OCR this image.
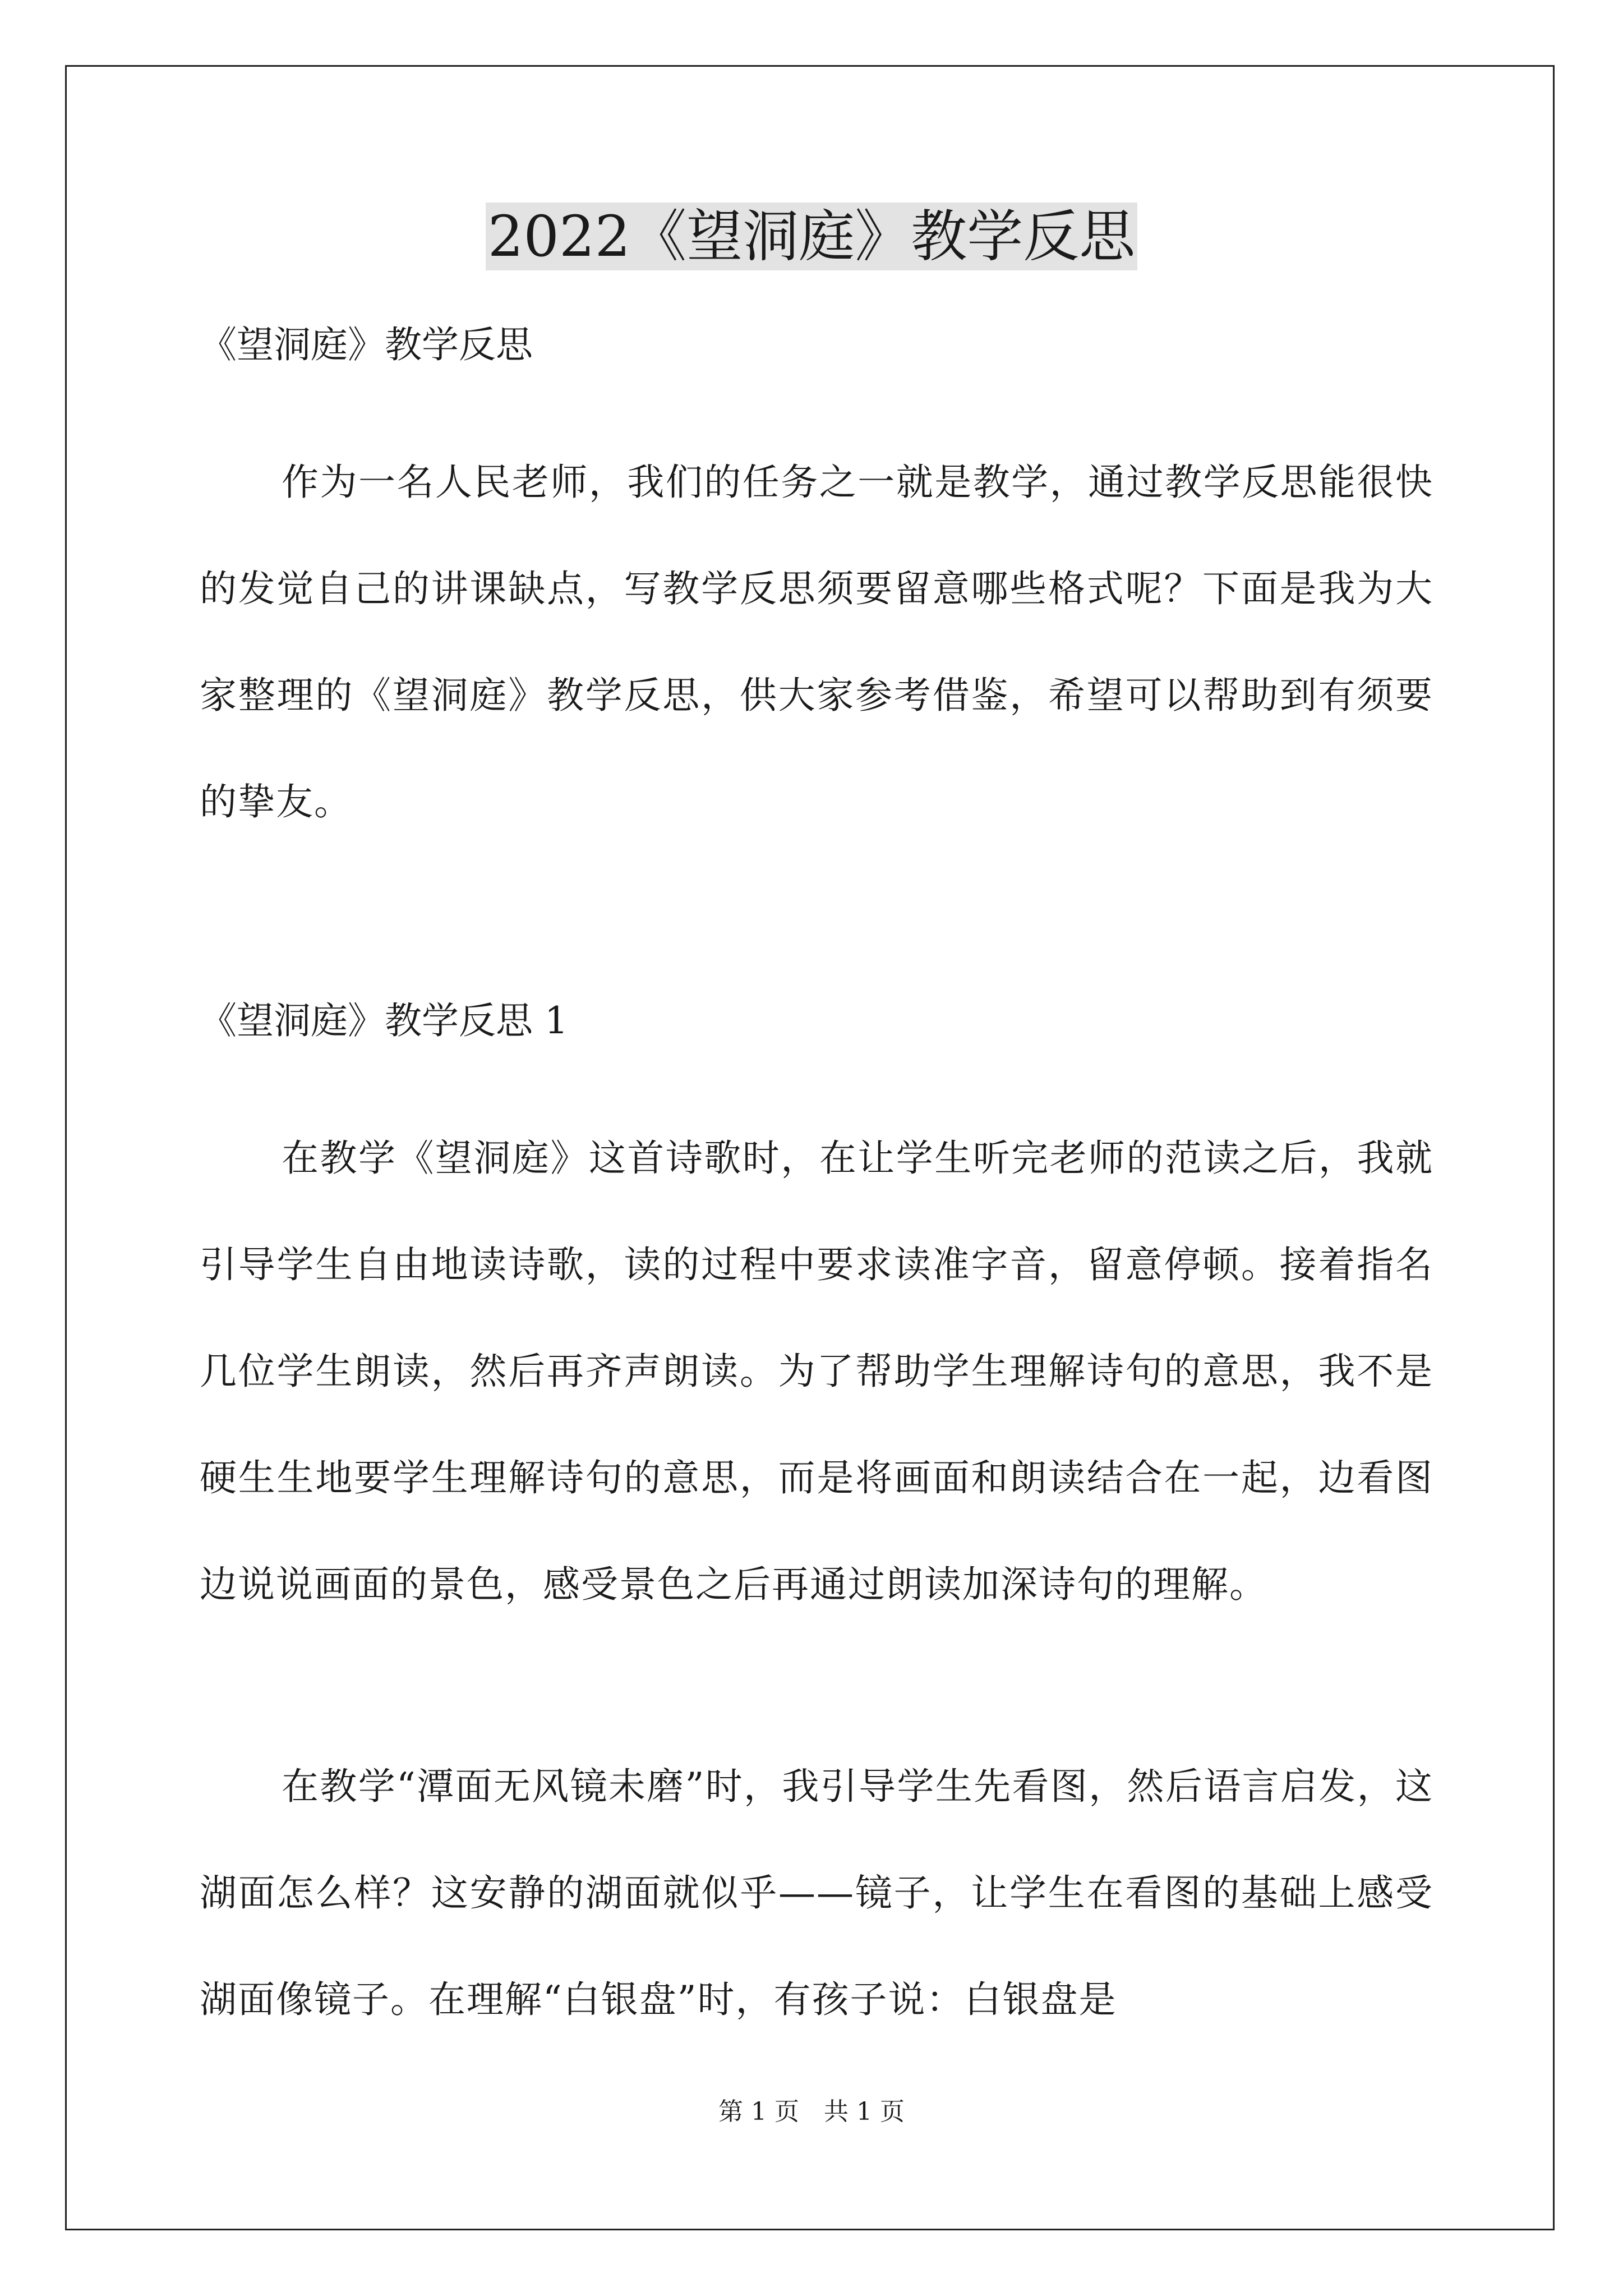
2022《望洞庭》教学反思

《望洞庭》教学反思

作为一名人民老师，我们的任务之一就是教学，通过教学反思能很快的发觉自己的讲课缺点，写教学反思须要留意哪些格式呢？下面是我为大家整理的《望洞庭》教学反思，供大家参考借鉴，希望可以帮助到有须要的挚友。

《望洞庭》教学反思 1

在教学《望洞庭》这首诗歌时，在让学生听完老师的范读之后，我就引导学生自由地读诗歌，读的过程中要求读准字音，留意停顿。接着指名几位学生朗读，然后再齐声朗读。为了帮助学生理解诗句的意思，我不是硬生生地要学生理解诗句的意思，而是将画面和朗读结合在一起，边看图边说说画面的景色，感受景色之后再通过朗读加深诗句的理解。

在教学“潭面无风镜未磨”时，我引导学生先看图，然后语言启发，这湖面怎么样？这安静的湖面就似乎——镜子，让学生在看图的基础上感受湖面像镜子。在理解“白银盘”时，有孩子说：白银盘是

第 1 页　共 1 页
